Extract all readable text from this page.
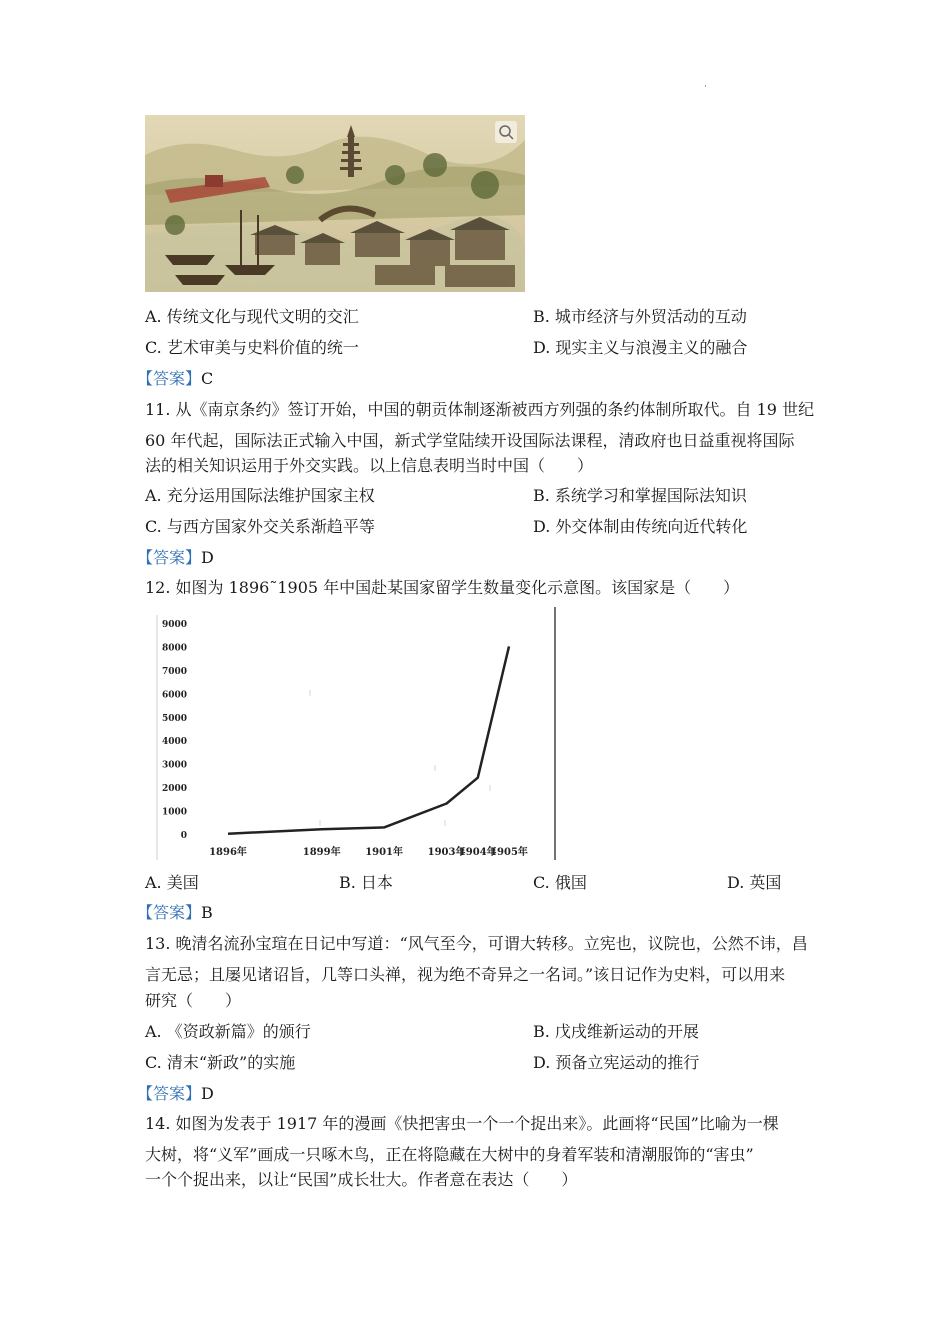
‘
A. 传统文化与现代文明的交汇	B. 城市经济与外贸活动的互动
C. 艺术审美与史料价值的统一	D. 现实主义与浪漫主义的融合
【答案】C
11. 从《南京条约》签订开始，中国的朝贡体制逐渐被西方列强的条约体制所取代。自 19 世纪
60 年代起，国际法正式输入中国，新式学堂陆续开设国际法课程，清政府也日益重视将国际
法的相关知识运用于外交实践。以上信息表明当时中国（　　）
A. 充分运用国际法维护国家主权	B. 系统学习和掌握国际法知识
C. 与西方国家外交关系渐趋平等	D. 外交体制由传统向近代转化
【答案】D
12. 如图为 1896˜1905 年中国赴某国家留学生数量变化示意图。该国家是（　　）
9000
8000
7000
6000
5000
4000
3000
2000
1000
0
1896年	1899年 1901年 1903年
1904年
1905年
A. 美国	B. 日本	C. 俄国	D. 英国
【答案】B
13. 晚清名流孙宝瑄在日记中写道：“风气至今，可谓大转移。立宪也，议院也，公然不讳，昌
言无忌；且屡见诸诏旨，几等口头禅，视为绝不奇异之一名词。”该日记作为史料，可以用来
研究（　　）
A. 《资政新篇》的颁行	B. 戊戌维新运动的开展
C. 清末“新政”的实施	D. 预备立宪运动的推行
【答案】D
14. 如图为发表于 1917 年的漫画《快把害虫一个一个捉出来》。此画将“民国”比喻为一棵
大树，将“义军”画成一只啄木鸟，正在将隐藏在大树中的身着军装和清潮服饰的“害虫”
一个个捉出来，以让“民国”成长壮大。作者意在表达（　　）
